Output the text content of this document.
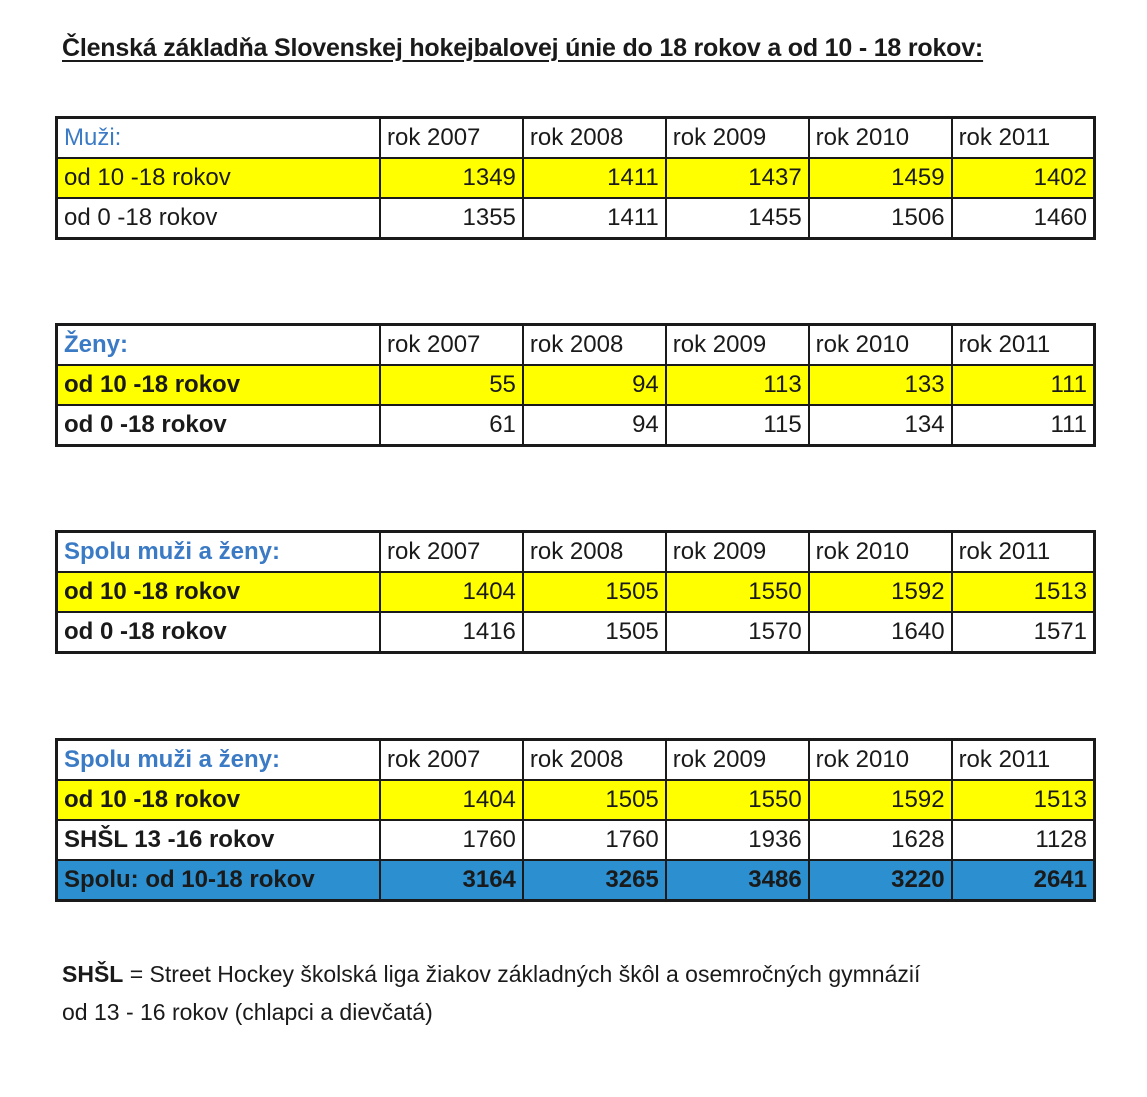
Členská základňa Slovenskej hokejbalovej únie do 18 rokov a od 10 - 18 rokov:
Muži:	rok 2007	rok 2008	rok 2009	rok 2010	rok 2011
od 10 -18 rokov	1349	1411	1437	1459	1402
od 0 -18 rokov	1355	1411	1455	1506	1460
Ženy:	rok 2007	rok 2008	rok 2009	rok 2010	rok 2011
od 10 -18 rokov	55	94	113	133	111
od 0 -18 rokov	61	94	115	134	111
Spolu muži a ženy:	rok 2007	rok 2008	rok 2009	rok 2010	rok 2011
od 10 -18 rokov	1404	1505	1550	1592	1513
od 0 -18 rokov	1416	1505	1570	1640	1571
Spolu muži a ženy:	rok 2007	rok 2008	rok 2009	rok 2010	rok 2011
od 10 -18 rokov	1404	1505	1550	1592	1513
SHŠL 13 -16 rokov	1760	1760	1936	1628	1128
Spolu: od 10-18 rokov	3164	3265	3486	3220	2641
SHŠL = Street Hockey školská liga žiakov základných škôl a osemročných gymnázií
od 13 - 16 rokov (chlapci a dievčatá)
